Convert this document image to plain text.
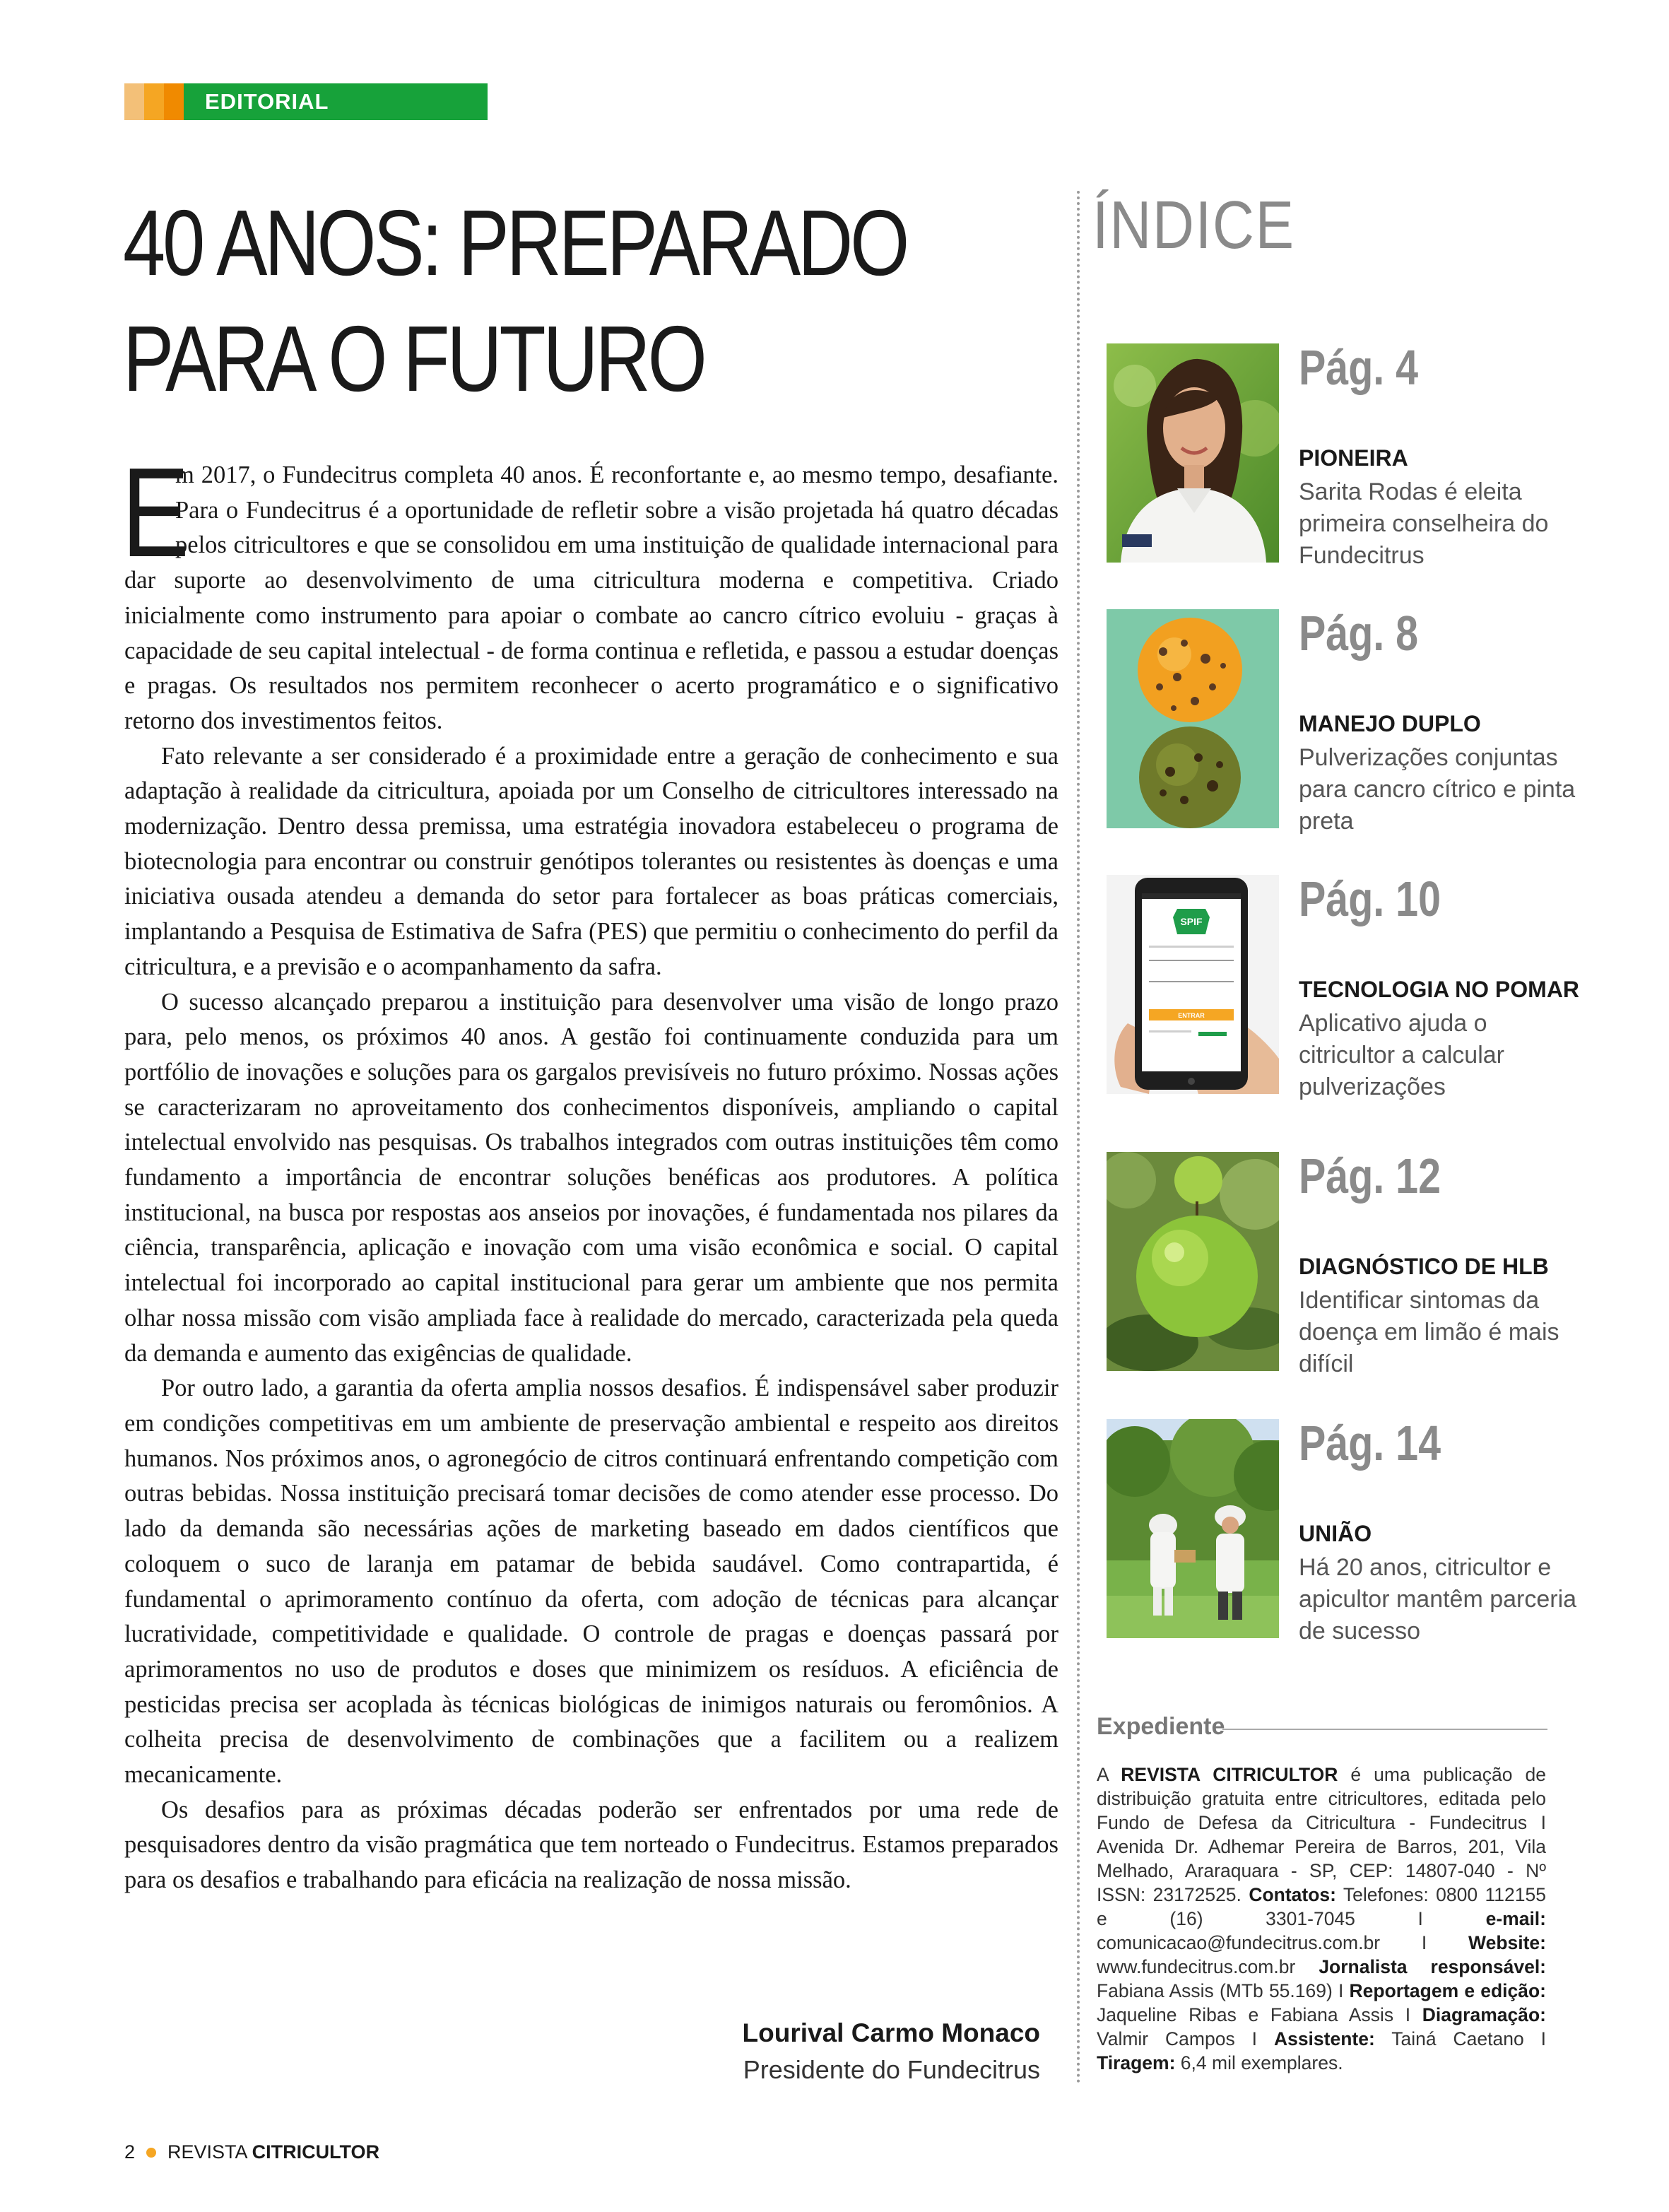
EDITORIAL
40 ANOS: PREPARADO
PARA O FUTURO

E
m 2017, o Fundecitrus completa 40 anos. É reconfortante e, ao mesmo tempo, desafiante. Para o Fundecitrus é a oportunidade de refletir sobre a visão projetada há quatro décadas pelos citricultores e que se consolidou em uma instituição de qualidade internacional para dar suporte ao desenvolvimento de uma citricultura moderna e competitiva. Criado inicialmente como instrumento para apoiar o combate ao cancro cítrico evoluiu - graças à capacidade de seu capital intelectual - de forma continua e refletida, e passou a estudar doenças e pragas. Os resultados nos permitem reconhecer o acerto programático e o significativo retorno dos investimentos feitos.

Fato relevante a ser considerado é a proximidade entre a geração de conhecimento e sua adaptação à realidade da citricultura, apoiada por um Conselho de citricultores interessado na modernização. Dentro dessa premissa, uma estratégia inovadora estabeleceu o programa de biotecnologia para encontrar ou construir genótipos tolerantes ou resistentes às doenças e uma iniciativa ousada atendeu a demanda do setor para fortalecer as boas práticas comerciais, implantando a Pesquisa de Estimativa de Safra (PES) que permitiu o conhecimento do perfil da citricultura, e a previsão e o acompanhamento da safra.

O sucesso alcançado preparou a instituição para desenvolver uma visão de longo prazo para, pelo menos, os próximos 40 anos. A gestão foi continuamente conduzida para um portfólio de inovações e soluções para os gargalos previsíveis no futuro próximo. Nossas ações se caracterizaram no aproveitamento dos conhecimentos disponíveis, ampliando o capital intelectual envolvido nas pesquisas. Os trabalhos integrados com outras instituições têm como fundamento a importância de encontrar soluções benéficas aos produtores. A política institucional, na busca por respostas aos anseios por inovações, é fundamentada nos pilares da ciência, transparência, aplicação e inovação com uma visão econômica e social. O capital intelectual foi incorporado ao capital institucional para gerar um ambiente que nos permita olhar nossa missão com visão ampliada face à realidade do mercado, caracterizada pela queda da demanda e aumento das exigências de qualidade.

Por outro lado, a garantia da oferta amplia nossos desafios. É indispensável saber produzir em condições competitivas em um ambiente de preservação ambiental e respeito aos direitos humanos. Nos próximos anos, o agronegócio de citros continuará enfrentando competição com outras bebidas. Nossa instituição precisará tomar decisões de como atender esse processo. Do lado da demanda são necessárias ações de marketing baseado em dados científicos que coloquem o suco de laranja em patamar de bebida saudável. Como contrapartida, é fundamental o aprimoramento contínuo da oferta, com adoção de técnicas para alcançar lucratividade, competitividade e qualidade. O controle de pragas e doenças passará por aprimoramentos no uso de produtos e doses que minimizem os resíduos. A eficiência de pesticidas precisa ser acoplada às técnicas biológicas de inimigos naturais ou feromônios. A colheita precisa de desenvolvimento de combinações que a facilitem ou a realizem mecanicamente.

Os desafios para as próximas décadas poderão ser enfrentados por uma rede de pesquisadores dentro da visão pragmática que tem norteado o Fundecitrus. Estamos preparados para os desafios e trabalhando para eficácia na realização de nossa missão.

Lourival Carmo Monaco
Presidente do Fundecitrus
2 REVISTA CITRICULTOR
ÍNDICE
Pág. 4
PIONEIRA
Sarita Rodas é eleita primeira conselheira do Fundecitrus
Pág. 8
MANEJO DUPLO
Pulverizações conjuntas para cancro cítrico e pinta preta
SPIF
ENTRAR
Pág. 10
TECNOLOGIA NO POMAR
Aplicativo ajuda o citricultor a calcular pulverizações
Pág. 12
DIAGNÓSTICO DE HLB
Identificar sintomas da doença em limão é mais difícil
Pág. 14
UNIÃO
Há 20 anos, citricultor e apicultor mantêm parceria de sucesso
Expediente
A REVISTA CITRICULTOR é uma publicação de distribuição gratuita entre citricultores, editada pelo Fundo de Defesa da Citricultura - Fundecitrus I Avenida Dr. Adhemar Pereira de Barros, 201, Vila Melhado, Araraquara - SP, CEP: 14807-040 - Nº ISSN: 23172525. Contatos: Telefones: 0800 112155 e (16) 3301-7045 I e-mail: comunicacao@fundecitrus.com.br I Website: www.fundecitrus.com.br Jornalista responsável: Fabiana Assis (MTb 55.169) I Reportagem e edição: Jaqueline Ribas e Fabiana Assis I Diagramação: Valmir Campos I Assistente: Tainá Caetano I Tiragem: 6,4 mil exemplares.
